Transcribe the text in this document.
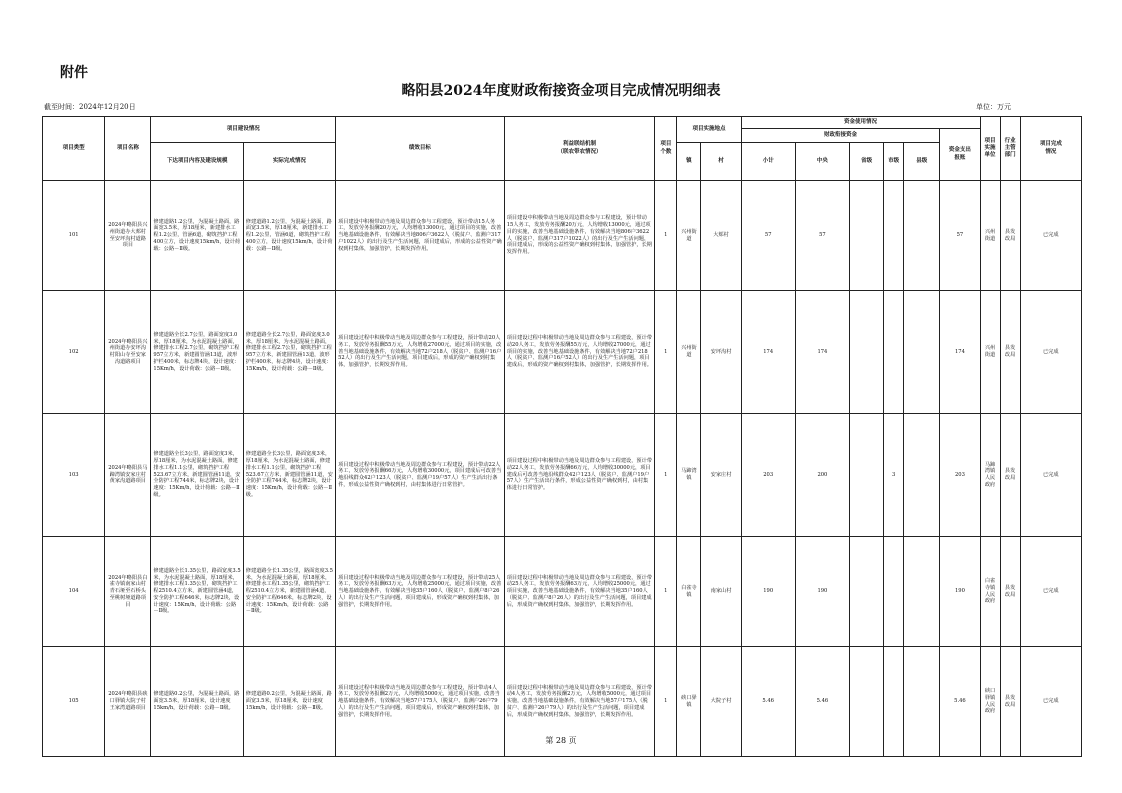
附件
略阳县2024年度财政衔接资金项目完成情况明细表
截至时间：2024年12月20日	单位：万元
项目类型	项目名称	项目建设情况		绩效目标	利益联结机制
（联农带农情况）	项目
个数	项目实施地点		资金使用情况						项目
实施
单位	行业
主管
部门	项目完成
情况
									财政衔接资金					资金支出
报账			
		下达项目内容及建设规模	实际完成情况				镇	村	小计	中央	省级	市级	县级				
101	2024年略阳县兴州街道办大郏村至安坪沟村道路项目	修建道路1.2公里，为混凝土路面，路面宽3.5米，厚18厘米，新建排水工程1.2公里，管涵6道，砌筑挡护工程400立方，设计速度15km/h，设计荷载：公路－Ⅱ级。	修建道路1.2公里，为混凝土路面，路面宽3.5米，厚18厘米，新建排水工程1.2公里，管涵6道，砌筑挡护工程400立方，设计速度15km/h，设计荷载：公路－Ⅱ级。	项目建设中积极带动当地及周边群众参与工程建设，预计带动15人务工，发放劳务报酬20万元，人均增收13000元，通过项目的实施，改善当地基础设施条件，有效解决当地806户3622人（脱贫户、监测户317户1022人）的出行及生产生活问题，项目建成后，形成的公益性资产确权到村集体，加强管护，长期发挥作用。	项目建设中积极带动当地及周边群众参与工程建设，预计带动15人务工，发放劳务报酬20万元，人均增收13000元，通过项目的实施，改善当地基础设施条件，有效解决当地806户3622人（脱贫户、监测户317户1022人）的出行及生产生活问题，项目建成后，形成的公益性资产确权到村集体，加强管护，长期发挥作用。	1	兴州街道	大郏村	57	57				57	兴州街道	县发改局	已完成
102	2024年略阳县兴州街道办安坪沟村阳山寺至安家沟道路项目	修建道路全长2.7公里，路面宽度3.0米，厚18厘米，为水泥混凝土路面，修建排水工程2.7公里，砌筑挡护工程957立方米，新建圆管涵13道，波形护栏400米，标志牌4块，设计速度：15Km/h，设计荷载：公路－Ⅱ级。	修建道路全长2.7公里，路面宽度3.0米，厚18厘米，为水泥混凝土路面，修建排水工程2.7公里，砌筑挡护工程957立方米，新建圆管涵13道，波形护栏400米，标志牌4块，设计速度：15Km/h，设计荷载：公路－Ⅱ级。	项目建设过程中积极带动当地及周边群众参与工程建设，预计带动20人务工，发放劳务报酬55万元，人均增收27000元，通过项目的实施，改善当地基础设施条件，有效解决当地72户218人（脱贫户、监测户16户52人）的出行及生产生活问题，项目建成后，形成的资产确权到村集体，加强管护，长期发挥作用。	项目建设过程中积极带动当地及周边群众参与工程建设，预计带动20人务工，发放劳务报酬55万元，人均增收27000元，通过项目的实施，改善当地基础设施条件，有效解决当地72户218人（脱贫户、监测户16户52人）的出行及生产生活问题，项目建成后，形成的资产确权到村集体，加强管护，长期发挥作用。	1	兴州街道	安坪沟村	174	174				174	兴州街道	县发改局	已完成
103	2024年略阳县马蹄湾镇安家庄村黄家沟道路项目	修建道路全长3公里，路面宽度3米，厚18厘米，为水泥混凝土路面，修建排水工程1.1公里，砌筑挡护工程523.67立方米，新建圆管涵11道，安全防护工程744米，标志牌2块，设计速度：15Km/h，设计荷载：公路－Ⅱ级。	修建道路全长3公里，路面宽度3米，厚18厘米，为水泥混凝土路面，修建排水工程1.1公里，砌筑挡护工程523.67立方米，新建圆管涵11道，安全防护工程744米，标志牌2块，设计速度：15Km/h，设计荷载：公路－Ⅱ级。	项目建设过程中积极带动当地及周边群众参与工程建设，预计带动22人务工，发放劳务报酬66万元，人均增收30000元，项目建成后可改善当地沿线群众42户123人（脱贫户、监测户19户57人）生产生活出行条件，形成公益性资产确权到村，由村集体进行日常管护。	项目建设过程中积极带动当地及周边群众参与工程建设，预计带动22人务工，发放劳务报酬66万元，人均增收30000元，项目建成后可改善当地沿线群众42户123人（脱贫户、监测户19户57人）生产生活出行条件，形成公益性资产确权到村，由村集体进行日常管护。	1	马蹄湾镇	安家庄村	203	200		3		203	马蹄湾镇人民政府	县发改局	已完成
104	2024年略阳县白雀寺镇南家山村青石垭至石桥头至桃树垭道路项目	修建道路全长1.35公里，路面宽度3.5米，为水泥混凝土路面，厚18厘米，修建排水工程1.35公里，砌筑挡护工程2510.4立方米，新建圆管涵4道，安全防护工程646米，标志牌2块，设计速度：15Km/h，设计荷载：公路－Ⅱ级。	修建道路全长1.35公里，路面宽度3.5米，为水泥混凝土路面，厚18厘米，修建排水工程1.35公里，砌筑挡护工程2510.4立方米，新建圆管涵4道，安全防护工程646米，标志牌2块，设计速度：15Km/h，设计荷载：公路－Ⅱ级。	项目建设过程中积极带动当地及周边群众参与工程建设，预计带动25人务工，发放劳务报酬63万元，人均增收25000元，通过项目实施，改善当地基础设施条件，有效解决当地35户160人（脱贫户、监测户8户26人）的出行及生产生活问题，项目建成后，形成资产确权到村集体，加强管护，长期发挥作用。	项目建设过程中积极带动当地及周边群众参与工程建设，预计带动25人务工，发放劳务报酬63万元，人均增收25000元，通过项目实施，改善当地基础设施条件，有效解决当地35户160人（脱贫户、监测户8户26人）的出行及生产生活问题，项目建成后，形成资产确权到村集体，加强管护，长期发挥作用。	1	白雀寺镇	南家山村	190	190				190	白雀寺镇人民政府	县发改局	已完成
105	2024年略阳县硖口驿镇大院子村王家湾道路项目	修建道路0.2公里，为混凝土路面，路面宽3.5米，厚18厘米，设计速度15km/h，设计荷载：公路－Ⅱ级。	修建道路0.2公里，为混凝土路面，路面宽3.5米，厚18厘米，设计速度15km/h，设计荷载：公路－Ⅱ级。	项目建设过程中积极带动当地及周边群众参与工程建设，预计带动4人务工，发放劳务报酬2万元，人均增收5000元，通过项目实施，改善当地基础设施条件，有效解决当地57户175人（脱贫户、监测户26户79人）的出行及生产生活问题，项目建成后，形成资产确权到村集体，加强管护，长期发挥作用。	项目建设过程中积极带动当地及周边群众参与工程建设，预计带动4人务工，发放劳务报酬2万元，人均增收5000元，通过项目实施，改善当地基础设施条件，有效解决当地57户175人（脱贫户、监测户26户79人）的出行及生产生活问题，项目建成后，形成资产确权到村集体，加强管护，长期发挥作用。	1	硖口驿镇	大院子村	5.46	5.46				5.46	硖口驿镇人民政府	县发改局	已完成
第 28 页
